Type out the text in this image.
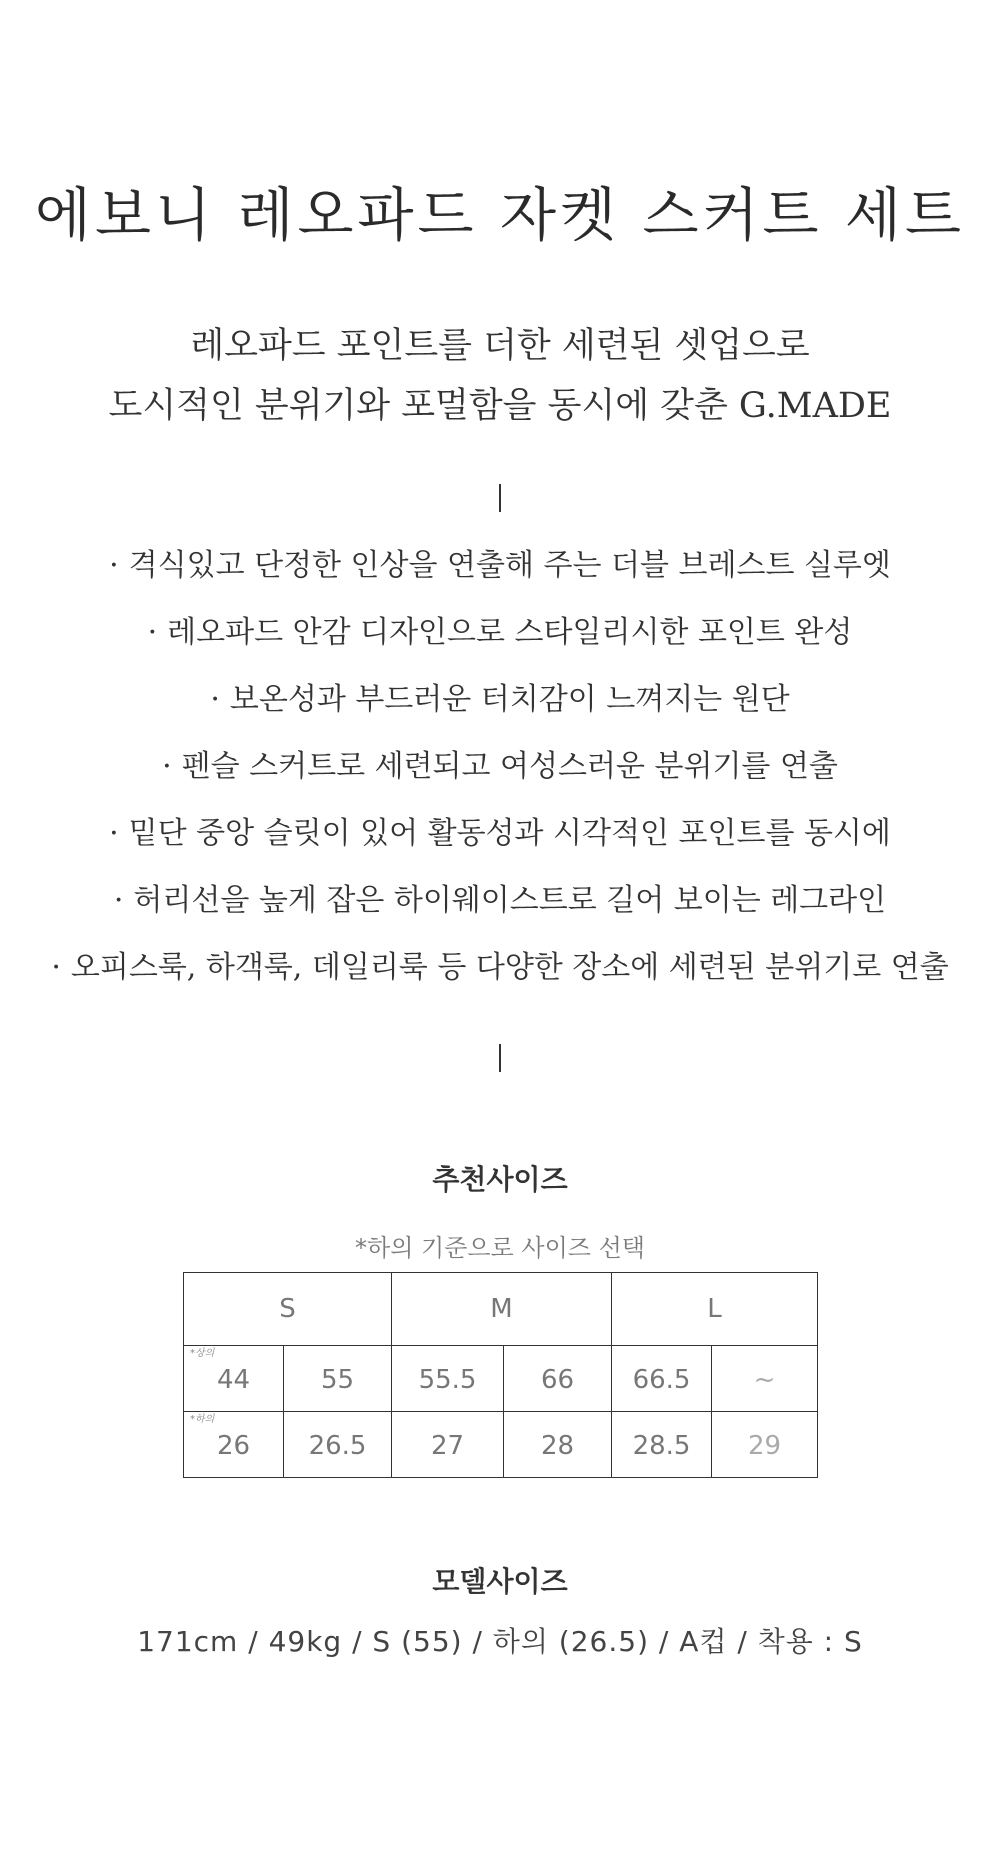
에보니 레오파드 자켓 스커트 세트
레오파드 포인트를 더한 세련된 셋업으로
도시적인 분위기와 포멀함을 동시에 갖춘 G.MADE
· 격식있고 단정한 인상을 연출해 주는 더블 브레스트 실루엣
· 레오파드 안감 디자인으로 스타일리시한 포인트 완성
· 보온성과 부드러운 터치감이 느껴지는 원단
· 펜슬 스커트로 세련되고 여성스러운 분위기를 연출
· 밑단 중앙 슬릿이 있어 활동성과 시각적인 포인트를 동시에
· 허리선을 높게 잡은 하이웨이스트로 길어 보이는 레그라인
· 오피스룩, 하객룩, 데일리룩 등 다양한 장소에 세련된 분위기로 연출
추천사이즈
*하의 기준으로 사이즈 선택
S		M		L	

*상의
44	55	55.5	66	66.5	~

*하의
26	26.5	27	28	28.5	29
모델사이즈
171cm / 49kg / S (55) / 하의 (26.5) / A컵 / 착용 : S
